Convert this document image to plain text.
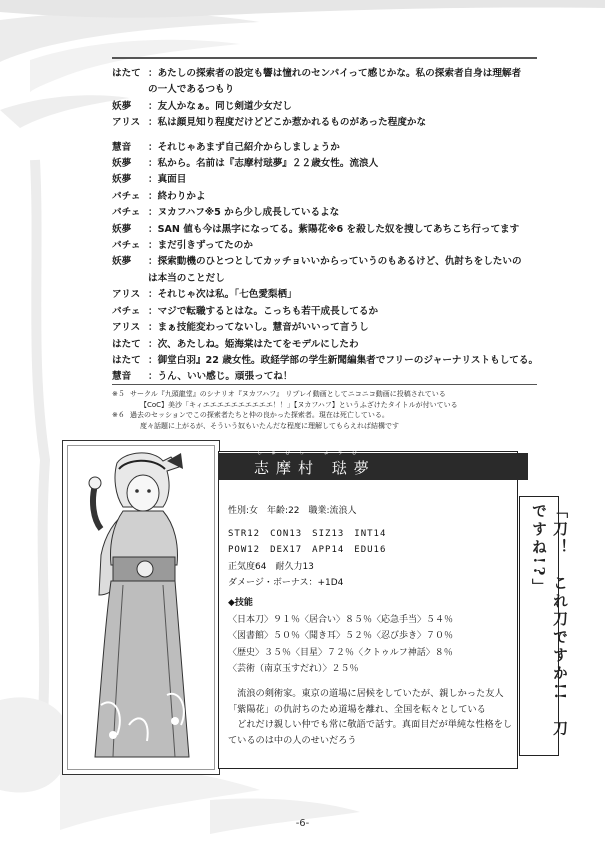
はたて ：あたしの探索者の設定も響は憧れのセンパイって感じかな。私の探索者自身は理解者
の一人であるつもり
妖夢	：友人かなぁ。同じ剣道少女だし
アリス ：私は顔見知り程度だけどどこか惹かれるものがあった程度かな
慧音	：それじゃあまず自己紹介からしましょうか
妖夢	：私から。名前は『志摩村琺夢』２２歳女性。流浪人
妖夢	：真面目
パチェ ：終わりかよ
パチェ ：ヌカフハフ※5 から少し成長しているよな
妖夢	：SAN 値も今は黒字になってる。紫陽花※6 を殺した奴を捜してあちこち行ってます
パチェ ：まだ引きずってたのか
妖夢	：探索動機のひとつとしてカッチョいいからっていうのもあるけど、仇討ちをしたいの
は本当のことだし
アリス ：それじゃ次は私。「七色愛梨栖」
パチェ ：マジで転職するとはな。こっちも若干成長してるか
アリス ：まぁ技能変わってないし。慧音がいいって言うし
はたて ：次、あたしね。姫海棠はたてをモデルにしたわ
はたて ：御堂白羽』22 歳女性。政経学部の学生新聞編集者でフリーのジャーナリストもしてる。
慧音	：うん、いい感じ。頑張ってね！
※５ サークル『九頭龍堂』のシナリオ『ヌカフハフ』 リプレイ動画としてニコニコ動画に投稿されている
【CoC】美沙「キィエエエエエエエエエエ！！」【ヌカフハフ】というふざけたタイトルが付いている
※６ 過去のセッションでこの探索者たちと仲の良かった探索者。現在は死亡している。
度々話題に上がるが、そういう奴もいたんだな程度に理解してもらえれば結構です
しまむら ようむ
志摩村 琺夢
性別:女　年齢:22　職業:流浪人
STR12　CON13　SIZ13　INT14
POW12　DEX17　APP14　EDU16
正気度64　耐久力13
ダメージ・ボーナス：+1D4
◆技能
〈日本刀〉９１％〈居合い〉８５％〈応急手当〉５４％
〈図書館〉５０％〈聞き耳〉５２％〈忍び歩き〉７０％
〈歴史〉３５％〈目星〉７２％〈クトゥルフ神話〉８％
〈芸術（南京玉すだれ）〉２５％
　流浪の剣術家。東京の道場に居候をしていたが、親しかった友人「紫陽花」の仇討ちのため道場を離れ、全国を転々としている
　どれだけ親しい仲でも常に敬語で話す。真面目だが単純な性格をしているのは中の人のせいだろう
「刀！　これ刀ですか!!　刀ですね!?」
-6-
